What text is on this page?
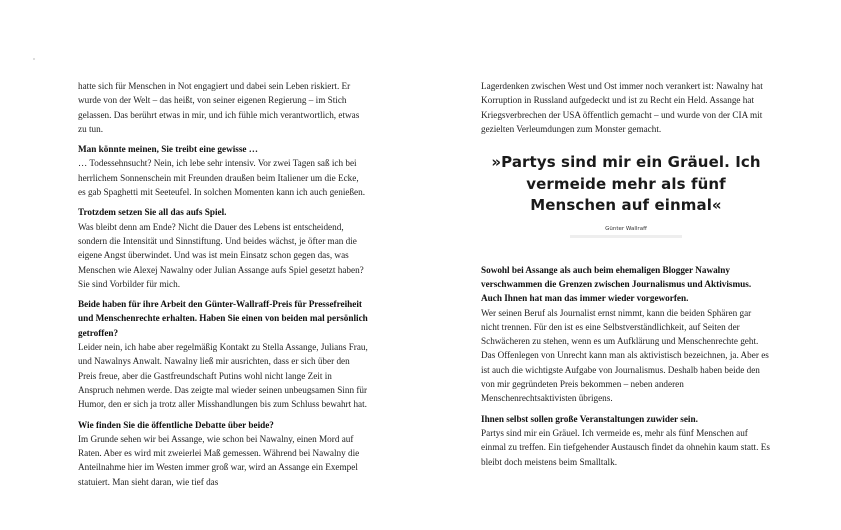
hatte sich für Menschen in Not engagiert und dabei sein Leben riskiert. Er wurde von der Welt – das heißt, von seiner eigenen Regierung – im Stich gelassen. Das berührt etwas in mir, und ich fühle mich verantwortlich, etwas zu tun.

Man könnte meinen, Sie treibt eine gewisse …
… Todessehnsucht? Nein, ich lebe sehr intensiv. Vor zwei Tagen saß ich bei herrlichem Sonnenschein mit Freunden draußen beim Italiener um die Ecke, es gab Spaghetti mit Seeteufel. In solchen Momenten kann ich auch genießen.

Trotzdem setzen Sie all das aufs Spiel.
Was bleibt denn am Ende? Nicht die Dauer des Lebens ist entscheidend, sondern die Intensität und Sinnstiftung. Und beides wächst, je öfter man die eigene Angst überwindet. Und was ist mein Einsatz schon gegen das, was Menschen wie Alexej Nawalny oder Julian Assange aufs Spiel gesetzt haben? Sie sind Vorbilder für mich.

Beide haben für ihre Arbeit den Günter-Wallraff-Preis für Pressefreiheit und Menschenrechte erhalten. Haben Sie einen von beiden mal persönlich getroffen?
Leider nein, ich habe aber regelmäßig Kontakt zu Stella Assange, Julians Frau, und Nawalnys Anwalt. Nawalny ließ mir ausrichten, dass er sich über den Preis freue, aber die Gastfreundschaft Putins wohl nicht lange Zeit in Anspruch nehmen werde. Das zeigte mal wieder seinen unbeugsamen Sinn für Humor, den er sich ja trotz aller Misshandlungen bis zum Schluss bewahrt hat.

Wie finden Sie die öffentliche Debatte über beide?
Im Grunde sehen wir bei Assange, wie schon bei Nawalny, einen Mord auf Raten. Aber es wird mit zweierlei Maß gemessen. Während bei Nawalny die Anteilnahme hier im Westen immer groß war, wird an Assange ein Exempel statuiert. Man sieht daran, wie tief das

Lagerdenken zwischen West und Ost immer noch verankert ist: Nawalny hat Korruption in Russland aufgedeckt und ist zu Recht ein Held. Assange hat Kriegsverbrechen der USA öffentlich gemacht – und wurde von der CIA mit gezielten Verleumdungen zum Monster gemacht.

»Partys sind mir ein Gräuel. Ich vermeide mehr als fünf Menschen auf einmal«
Günter Wallraff

Sowohl bei Assange als auch beim ehemaligen Blogger Nawalny verschwammen die Grenzen zwischen Journalismus und Aktivismus. Auch Ihnen hat man das immer wieder vorgeworfen.
Wer seinen Beruf als Journalist ernst nimmt, kann die beiden Sphären gar nicht trennen. Für den ist es eine Selbstverständlichkeit, auf Seiten der Schwächeren zu stehen, wenn es um Aufklärung und Menschenrechte geht. Das Offenlegen von Unrecht kann man als aktivistisch bezeichnen, ja. Aber es ist auch die wichtigste Aufgabe von Journalismus. Deshalb haben beide den von mir gegründeten Preis bekommen – neben anderen Menschenrechtsaktivisten übrigens.

Ihnen selbst sollen große Veranstaltungen zuwider sein.
Partys sind mir ein Gräuel. Ich vermeide es, mehr als fünf Menschen auf einmal zu treffen. Ein tiefgehender Austausch findet da ohnehin kaum statt. Es bleibt doch meistens beim Smalltalk.
